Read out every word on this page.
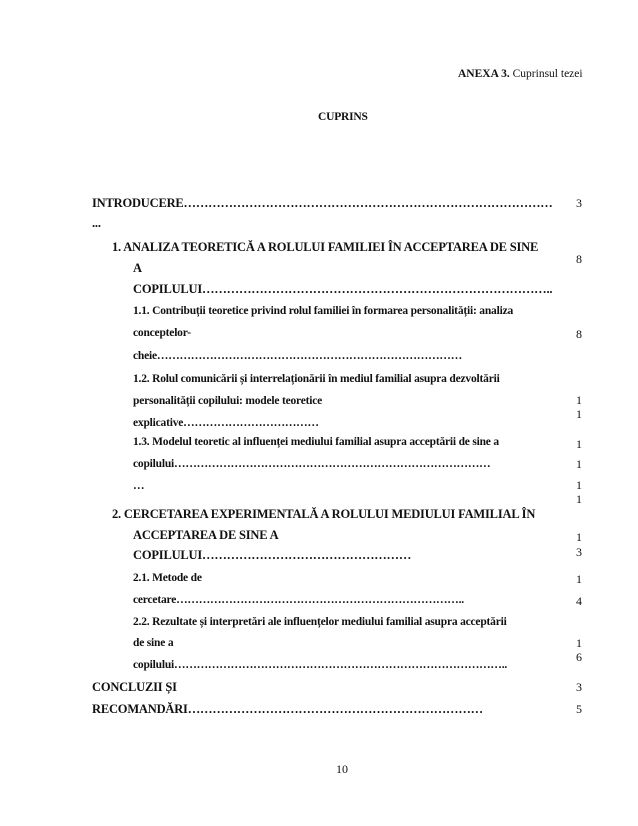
ANEXA 3. Cuprinsul tezei
CUPRINS
INTRODUCERE………………………………………………………………………………
...
3
1. ANALIZA TEORETICĂ A ROLULUI FAMILIEI ÎN ACCEPTAREA DE SINE
A
COPILULUI…………………………………………………………………………..
8
1.1. Contribuții teoretice privind rolul familiei în formarea personalității: analiza
conceptelor-
cheie………………………………………………………………………
8
1.2. Rolul comunicării și interrelaționării în mediul familial asupra dezvoltării
personalității copilului: modele teoretice
explicative………………………………
1
1
1.3. Modelul teoretic al influenței mediului familial asupra acceptării de sine a
copilului…………………………………………………………………………
…
1
1
1
1
2. CERCETAREA EXPERIMENTALĂ A ROLULUI MEDIULUI FAMILIAL ÎN
ACCEPTAREA DE SINE A
COPILULUI……………………………………………
1
3
2.1. Metode de
cercetare…………………………………………………………………..
1
4
2.2. Rezultate și interpretări ale influențelor mediului familial asupra acceptării
de sine a
copilului……………………………………………………………………………..
1
6
CONCLUZII ȘI
RECOMANDĂRI………………………………………………………………
3
5
10
